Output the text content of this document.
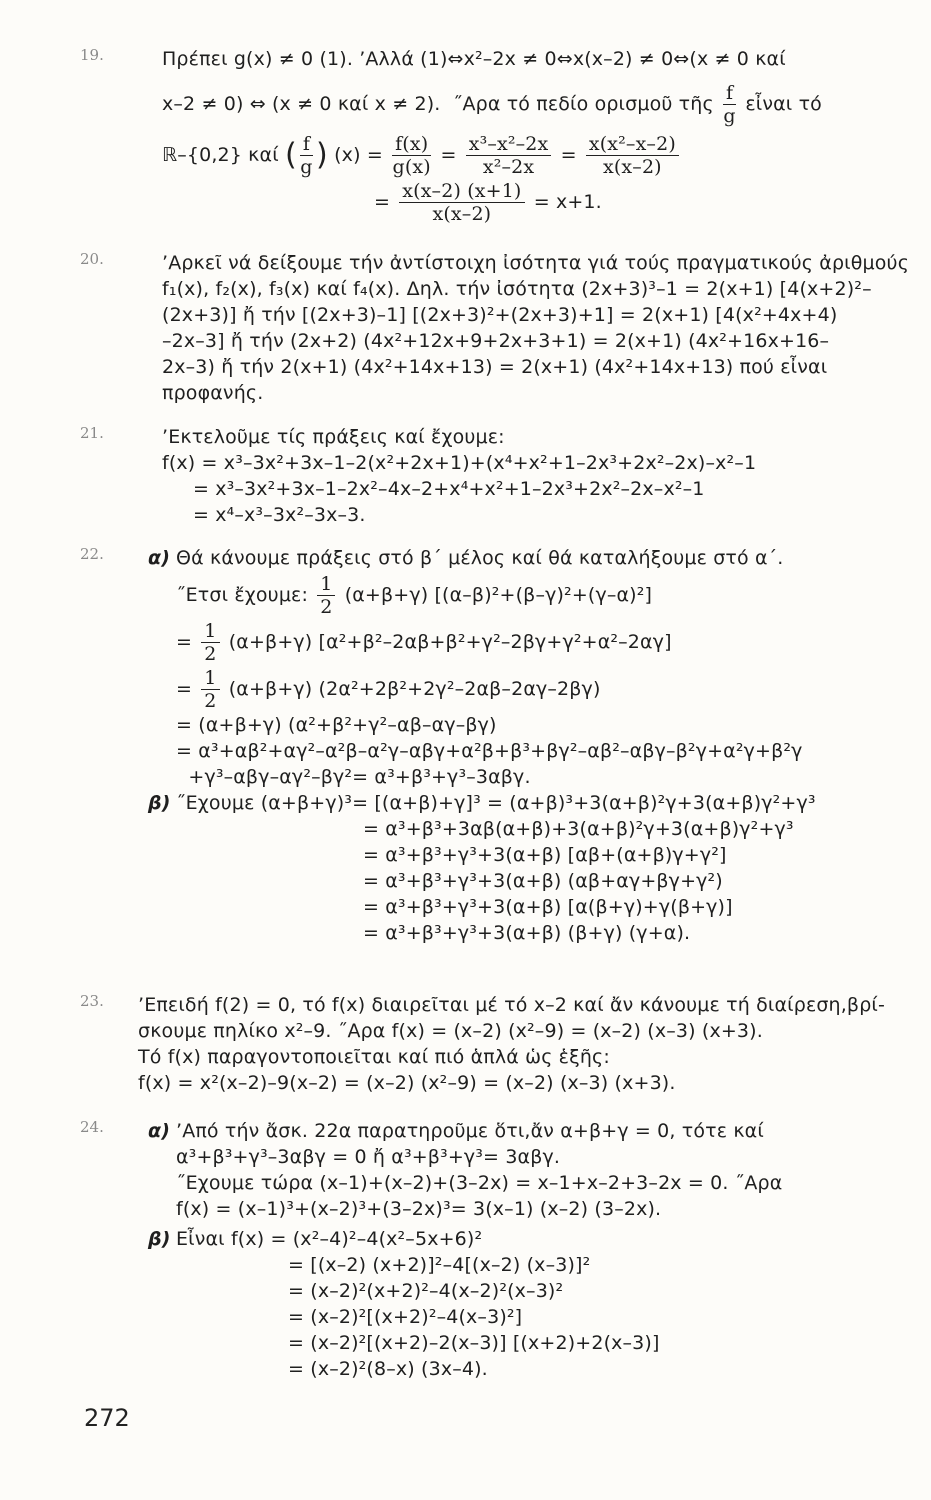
19.	Πρέπει g(x) ≠ 0 (1). ’Αλλά (1)⇔x²–2x ≠ 0⇔x(x–2) ≠ 0⇔(x ≠ 0 καί
x–2 ≠ 0) ⇔ (x ≠ 0 καί x ≠ 2).  ˝Αρα τό πεδίο ορισμοῦ τῆς $\frac{f}{g}$ εἶναι τό
ℝ–{0,2} καί ( $\frac{f}{g}$ ) $(x) = \frac{f(x)}{g(x)} = \frac{\text{x³–x²–2x}}{\text{x²–2x}} = \frac{\text{x(x²–x–2)}}{x(x-2)}$
= $\frac{x(x-2) (x+1)}{x(x-2)} = x+1$.
20.	’Αρκεῖ νά δείξουμε τήν ἀντίστοιχη ἰσότητα γιά τούς πραγματικούς ἀριθμούς
f₁(x), f₂(x), f₃(x) καί f₄(x). Δηλ. τήν ἰσότητα (2x+3)³–1 = 2(x+1) [4(x+2)²–
(2x+3)] ἤ τήν [(2x+3)–1] [(2x+3)²+(2x+3)+1] = 2(x+1) [4(x²+4x+4)
–2x–3] ἤ τήν (2x+2) (4x²+12x+9+2x+3+1) = 2(x+1) (4x²+16x+16–
2x–3) ἤ τήν 2(x+1) (4x²+14x+13) = 2(x+1) (4x²+14x+13) πού εἶναι
προφανής.
21.	’Εκτελοῦμε τίς πράξεις καί ἔχουμε:
f(x) = x³–3x²+3x–1–2(x²+2x+1)+(x⁴+x²+1–2x³+2x²–2x)–x²–1
= x³–3x²+3x–1–2x²–4x–2+x⁴+x²+1–2x³+2x²–2x–x²–1
= x⁴–x³–3x²–3x–3.
22.	α) Θά κάνουμε πράξεις στό β΄ μέλος καί θά καταλήξουμε στό α΄.
˝Ετσι ἔχουμε: $\frac{1}{2} (\alpha+\beta+\gamma)$ [(α–β)²+(β–γ)²+(γ–α)²]
= $\frac{1}{2} (\alpha+\beta+\gamma)$ [α²+β²–2αβ+β²+γ²–2βγ+γ²+α²–2αγ]
= $\frac{1}{2} (\alpha+\beta+\gamma)$ (2α²+2β²+2γ²–2αβ–2αγ–2βγ)
= (α+β+γ) (α²+β²+γ²–αβ–αγ–βγ)
= α³+αβ²+αγ²–α²β–α²γ–αβγ+α²β+β³+βγ²–αβ²–αβγ–β²γ+α²γ+β²γ
+γ³–αβγ–αγ²–βγ²= α³+β³+γ³–3αβγ.
β) ˝Εχουμε (α+β+γ)³= [(α+β)+γ]³ = (α+β)³+3(α+β)²γ+3(α+β)γ²+γ³
= α³+β³+3αβ(α+β)+3(α+β)²γ+3(α+β)γ²+γ³
= α³+β³+γ³+3(α+β) [αβ+(α+β)γ+γ²]
= α³+β³+γ³+3(α+β) (αβ+αγ+βγ+γ²)
= α³+β³+γ³+3(α+β) [α(β+γ)+γ(β+γ)]
= α³+β³+γ³+3(α+β) (β+γ) (γ+α).
23.	’Επειδή f(2) = 0, τό f(x) διαιρεῖται μέ τό x–2 καί ἄν κάνουμε τή διαίρεση,βρί-
σκουμε πηλίκο x²–9. ˝Αρα f(x) = (x–2) (x²–9) = (x–2) (x–3) (x+3).
Τό f(x) παραγοντοποιεῖται καί πιό ἁπλά ὡς ἑξῆς:
f(x) = x²(x–2)–9(x–2) = (x–2) (x²–9) = (x–2) (x–3) (x+3).
24.	α) ’Από τήν ἄσκ. 22α παρατηροῦμε ὅτι,ἄν α+β+γ = 0, τότε καί
α³+β³+γ³–3αβγ = 0 ἤ α³+β³+γ³= 3αβγ.
˝Εχουμε τώρα (x–1)+(x–2)+(3–2x) = x–1+x–2+3–2x = 0. ˝Αρα
f(x) = (x–1)³+(x–2)³+(3–2x)³= 3(x–1) (x–2) (3–2x).
β) Εἶναι f(x) = (x²–4)²–4(x²–5x+6)²
= [(x–2) (x+2)]²–4[(x–2) (x–3)]²
= (x–2)²(x+2)²–4(x–2)²(x–3)²
= (x–2)²[(x+2)²–4(x–3)²]
= (x–2)²[(x+2)–2(x–3)] [(x+2)+2(x–3)]
= (x–2)²(8–x) (3x–4).
272
